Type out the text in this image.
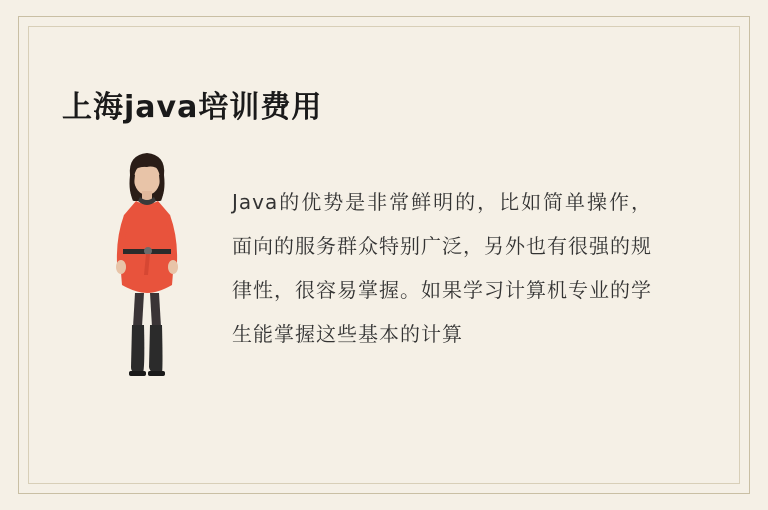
上海java培训费用

Java的优势是非常鲜明的，比如简单操作，面向的服务群众特别广泛，另外也有很强的规律性，很容易掌握。如果学习计算机专业的学生能掌握这些基本的计算
